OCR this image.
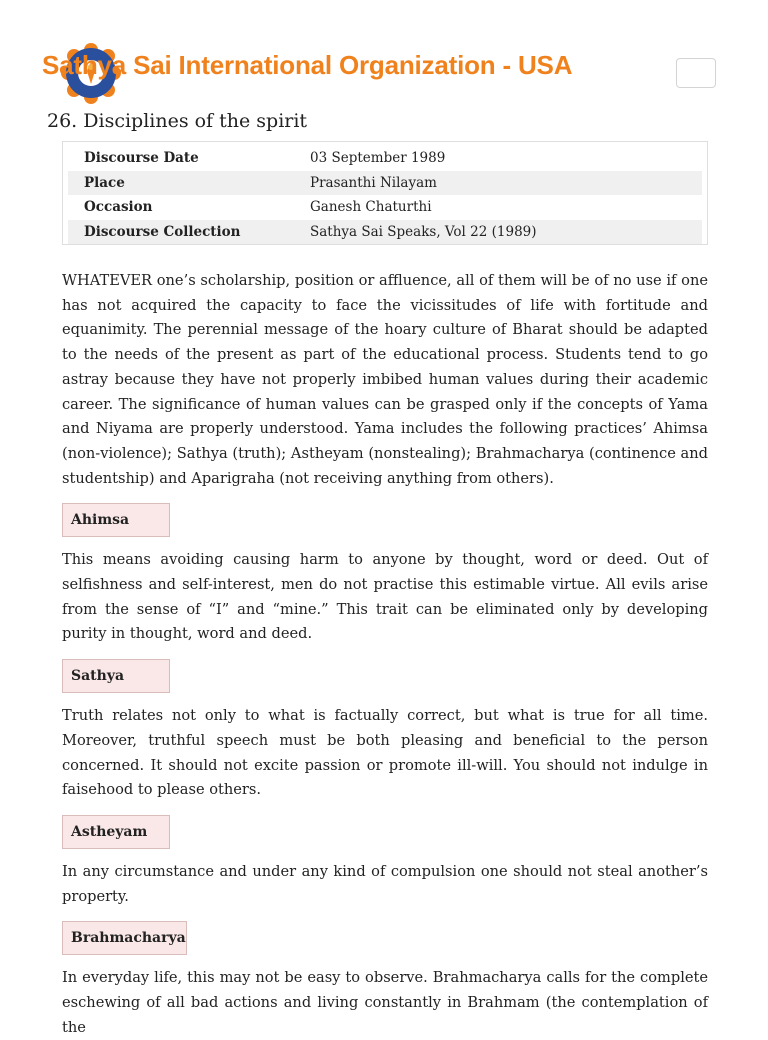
Sathya Sai International Organization - USA
26. Disciplines of the spirit
Discourse Date	03 September 1989
Place	Prasanthi Nilayam
Occasion	Ganesh Chaturthi
Discourse Collection	Sathya Sai Speaks, Vol 22 (1989)

WHATEVER one’s scholarship, position or affluence, all of them will be of no use if one has not acquired the capacity to face the vicissitudes of life with fortitude and equanimity. The perennial message of the hoary culture of Bharat should be adapted to the needs of the present as part of the educational process. Students tend to go astray because they have not properly imbibed human values during their academic career. The significance of human values can be grasped only if the concepts of Yama and Niyama are properly understood. Yama includes the following practices’ Ahimsa (non-violence); Sathya (truth); Astheyam (nonstealing); Brahmacharya (continence and studentship) and Aparigraha (not receiving anything from others).

Ahimsa

This means avoiding causing harm to anyone by thought, word or deed. Out of selfishness and self-interest, men do not practise this estimable virtue. All evils arise from the sense of “I” and “mine.” This trait can be eliminated only by developing purity in thought, word and deed.

Sathya

Truth relates not only to what is factually correct, but what is true for all time. Moreover, truthful speech must be both pleasing and beneficial to the person concerned. It should not excite passion or promote ill-will. You should not indulge in faisehood to please others.

Astheyam

In any circumstance and under any kind of compulsion one should not steal another’s property.

Brahmacharya

In everyday life, this may not be easy to observe. Brahmacharya calls for the complete eschewing of all bad actions and living constantly in Brahmam (the contemplation of the
